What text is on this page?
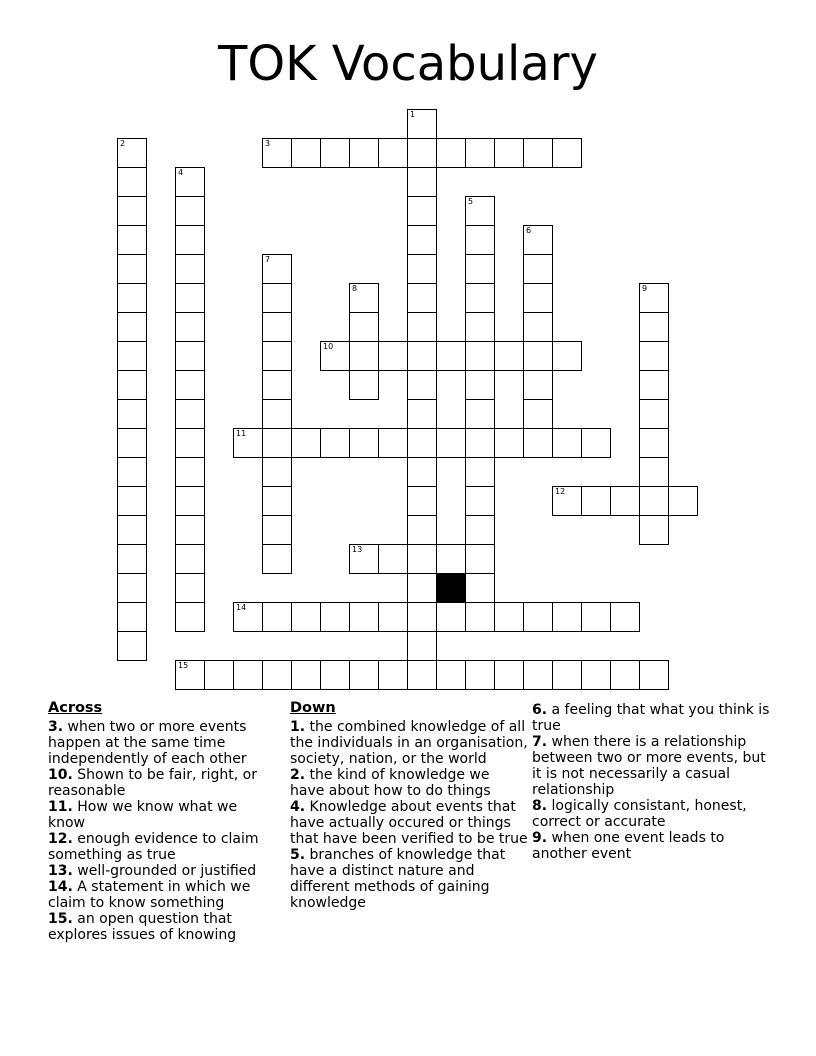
TOK Vocabulary
1
2	3
4
5
6
7
8	9
10
11
12
13
14
15
Across

3. when two or more events happen at the same time independently of each other

10. Shown to be fair, right, or reasonable

11. How we know what we know

12. enough evidence to claim something as true

13. well-grounded or justified

14. A statement in which we claim to know something

15. an open question that explores issues of knowing

Down

1. the combined knowledge of all the individuals in an organisation, society, nation, or the world

2. the kind of knowledge we have about how to do things

4. Knowledge about events that have actually occured or things that have been verified to be true

5. branches of knowledge that have a distinct nature and different methods of gaining knowledge

6. a feeling that what you think is true

7. when there is a relationship between two or more events, but it is not necessarily a casual relationship

8. logically consistant, honest, correct or accurate

9. when one event leads to another event
